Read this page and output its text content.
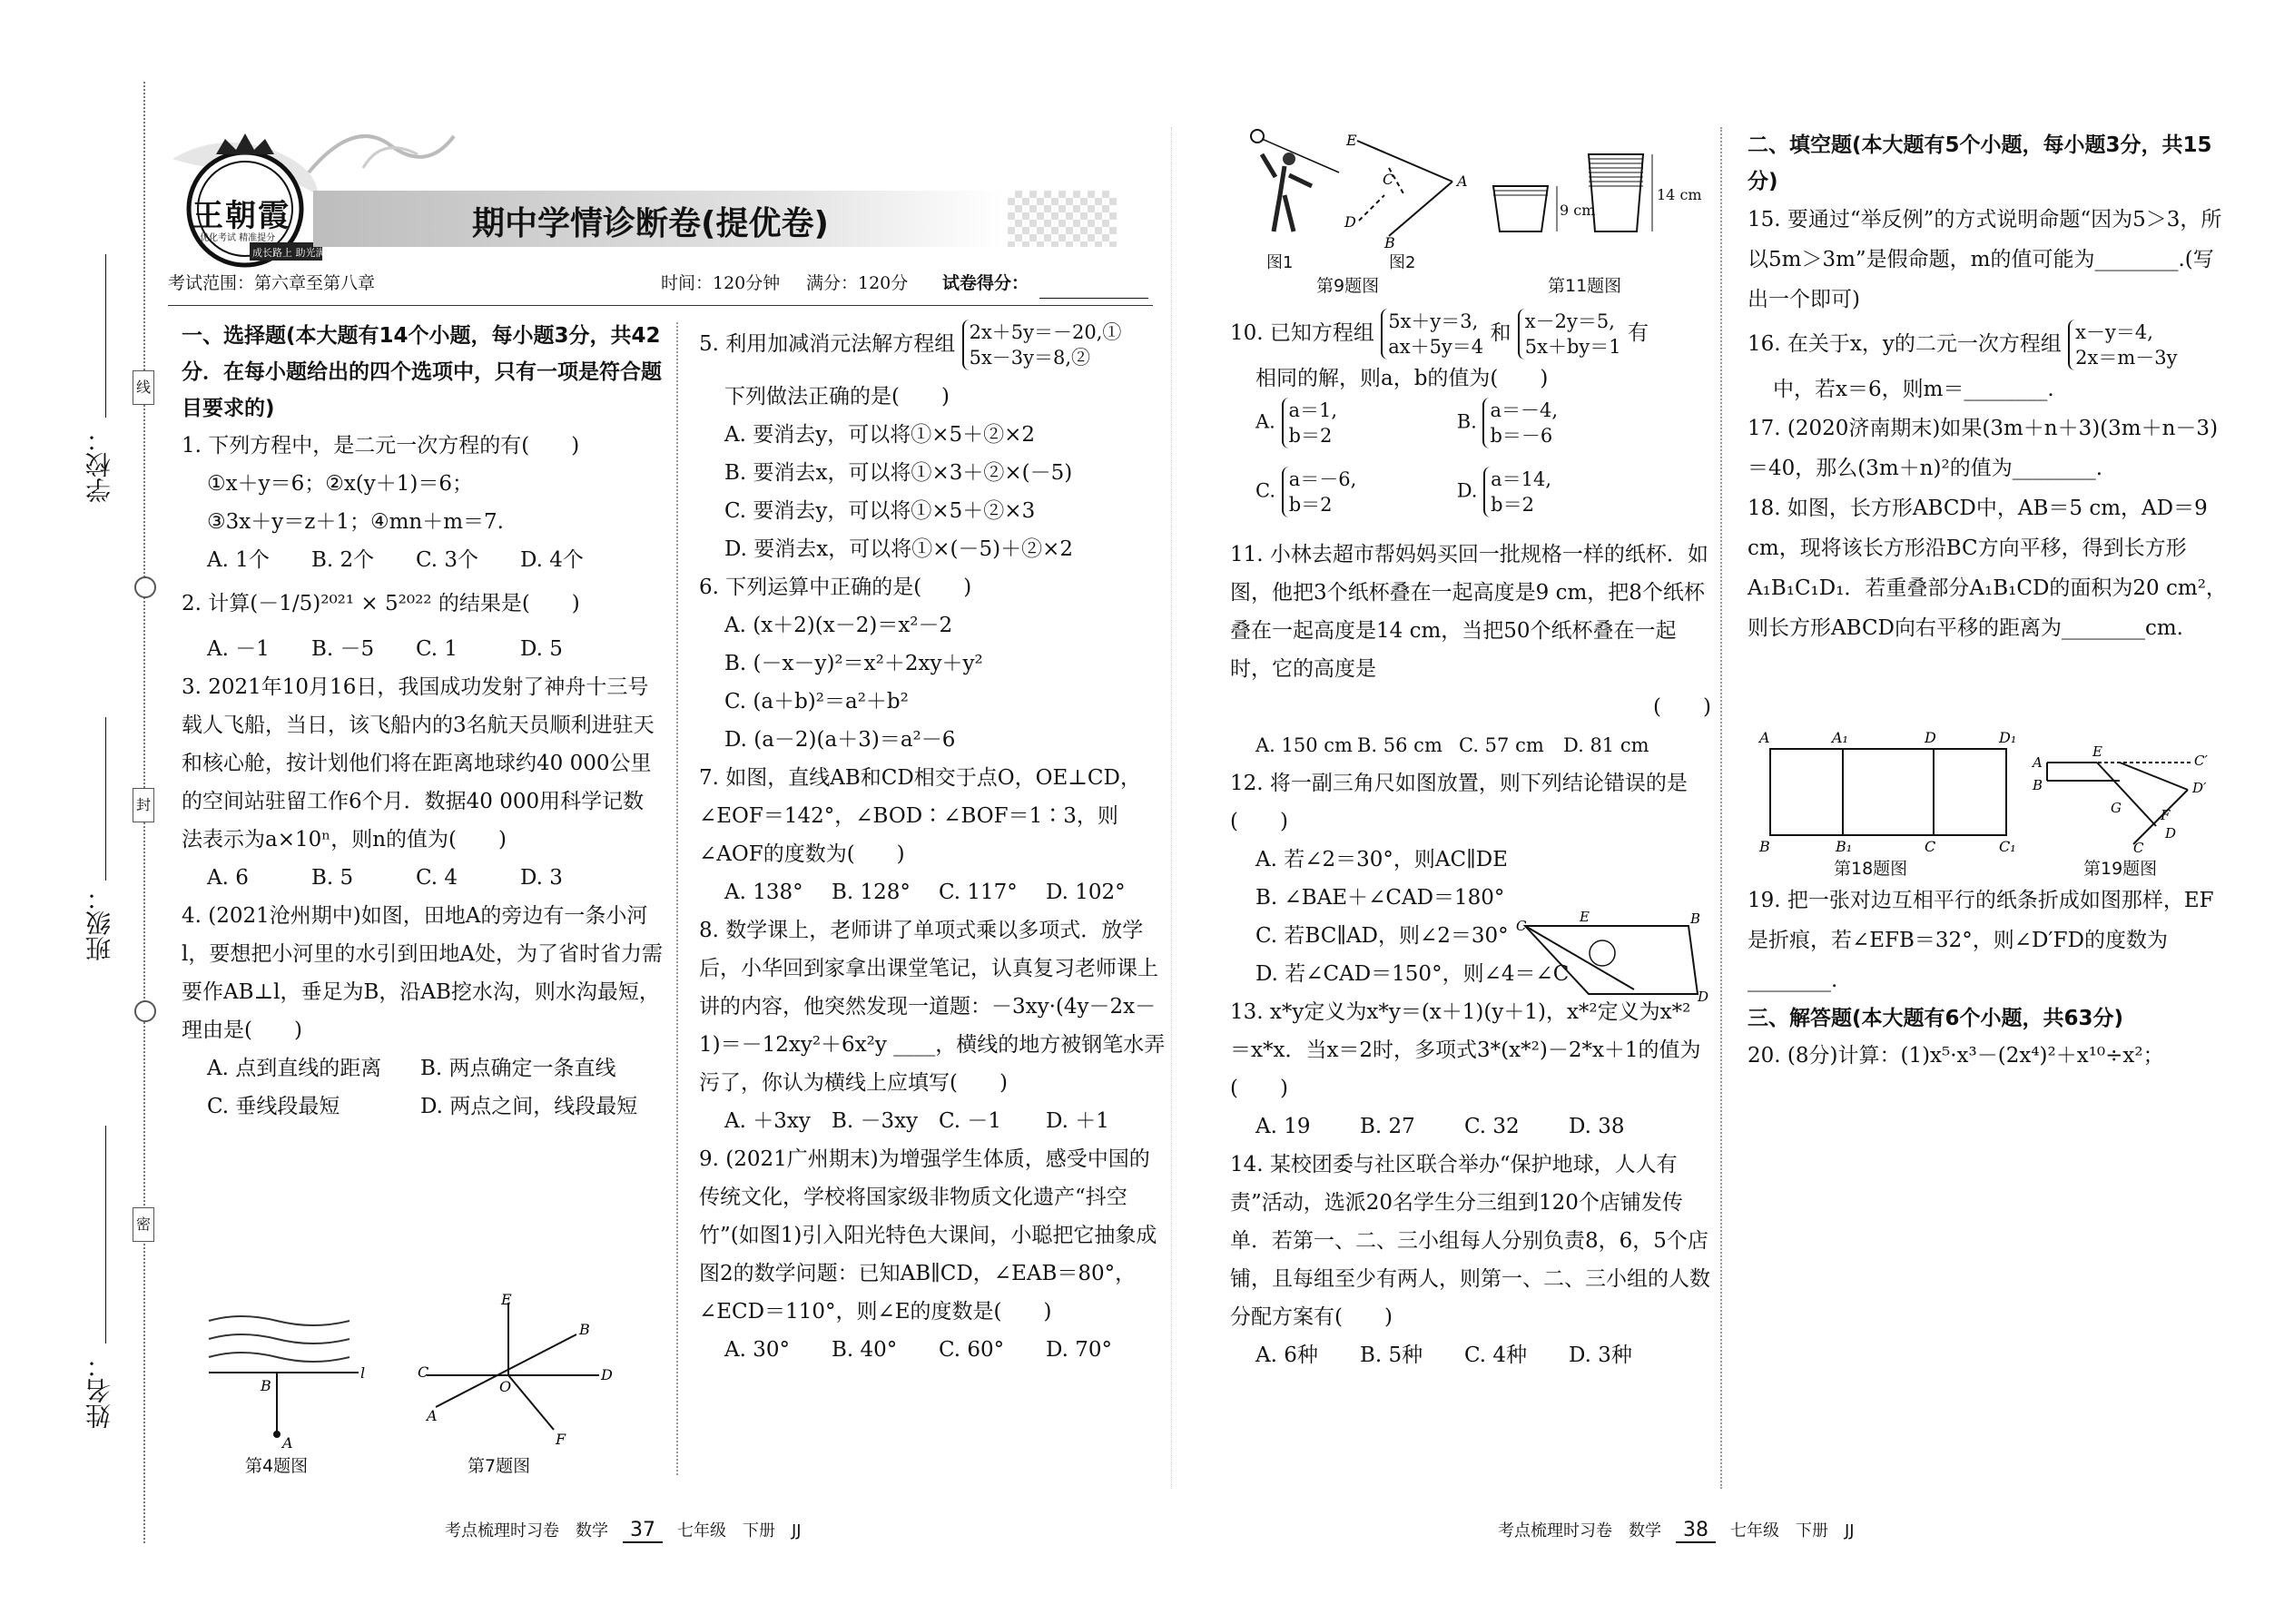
学校：
班级：
姓名：
线
封
密
王朝霞
优化考试 精准提分
成长路上 助光满天
期中学情诊断卷(提优卷)
考试范围：第六章至第八章	时间：120分钟 满分：120分 试卷得分：
一、选择题(本大题有14个小题，每小题3分，共42分．在每小题给出的四个选项中，只有一项是符合题目要求的)
1. 下列方程中，是二元一次方程的有(　　)
①x＋y＝6；②x(y＋1)＝6；
③3x＋y＝z＋1；④mn＋m＝7.
A. 1个 B. 2个 C. 3个 D. 4个
2. 计算(－1/5)²⁰²¹ × 5²⁰²² 的结果是(　　)
A. －1 B. －5 C. 1	D. 5
3. 2021年10月16日，我国成功发射了神舟十三号载人飞船，当日，该飞船内的3名航天员顺利进驻天和核心舱，按计划他们将在距离地球约40 000公里的空间站驻留工作6个月．数据40 000用科学记数法表示为a×10ⁿ，则n的值为(　　)
A. 6	B. 5	C. 4	D. 3
4. (2021沧州期中)如图，田地A的旁边有一条小河l，要想把小河里的水引到田地A处，为了省时省力需要作AB⊥l，垂足为B，沿AB挖水沟，则水沟最短，理由是(　　)
A. 点到直线的距离 B. 两点确定一条直线
C. 垂线段最短	D. 两点之间，线段最短
B
A
l
第4题图
E
B
C	D
O
A
F
第7题图
5. 利用加减消元法解方程组 2x＋5y＝－20,①
5x－3y＝8,②
下列做法正确的是(　　)
A. 要消去y，可以将①×5＋②×2
B. 要消去x，可以将①×3＋②×(－5)
C. 要消去y，可以将①×5＋②×3
D. 要消去x，可以将①×(－5)＋②×2
6. 下列运算中正确的是(　　)
A. (x＋2)(x－2)＝x²－2
B. (－x－y)²＝x²＋2xy＋y²
C. (a＋b)²＝a²＋b²
D. (a－2)(a＋3)＝a²－6
7. 如图，直线AB和CD相交于点O，OE⊥CD，∠EOF＝142°，∠BOD∶∠BOF＝1∶3，则∠AOF的度数为(　　)
A. 138° B. 128° C. 117° D. 102°
8. 数学课上，老师讲了单项式乘以多项式．放学后，小华回到家拿出课堂笔记，认真复习老师课上讲的内容，他突然发现一道题：－3xy·(4y－2x－1)＝－12xy²＋6x²y ____，横线的地方被钢笔水弄污了，你认为横线上应填写(　　)
A. ＋3xy B. －3xy C. －1 D. ＋1
9. (2021广州期末)为增强学生体质，感受中国的传统文化，学校将国家级非物质文化遗产“抖空竹”(如图1)引入阳光特色大课间，小聪把它抽象成图2的数学问题：已知AB∥CD，∠EAB＝80°，∠ECD＝110°，则∠E的度数是(　　)
A. 30° B. 40° C. 60° D. 70°
E
A
C
D
B
图1	图2
第9题图
9 cm
14 cm
第11题图
10. 已知方程组 5x＋y＝3,
ax＋5y＝4 和 x－2y＝5,
5x＋by＝1 有
相同的解，则a，b的值为(　　)
A. a＝1,
b＝2 B. a＝－4,
b＝－6
C. a＝－6,
b＝2 D. a＝14,
b＝2
11. 小林去超市帮妈妈买回一批规格一样的纸杯．如图，他把3个纸杯叠在一起高度是9 cm，把8个纸杯叠在一起高度是14 cm，当把50个纸杯叠在一起时，它的高度是
(　　)
A. 150 cm B. 56 cm C. 57 cm D. 81 cm
12. 将一副三角尺如图放置，则下列结论错误的是(　　)
A. 若∠2＝30°，则AC∥DE
B. ∠BAE＋∠CAD＝180°
C. 若BC∥AD，则∠2＝30°
D. 若∠CAD＝150°，则∠4＝∠C
13. x*y定义为x*y＝(x＋1)(y＋1)，x*²定义为x*²＝x*x．当x＝2时，多项式3*(x*²)－2*x＋1的值为(　　)
A. 19 B. 27 C. 32 D. 38
14. 某校团委与社区联合举办“保护地球，人人有责”活动，选派20名学生分三组到120个店铺发传单．若第一、二、三小组每人分别负责8，6，5个店铺，且每组至少有两人，则第一、二、三小组的人数分配方案有(　　)
A. 6种 B. 5种 C. 4种 D. 3种
C
E	B
D
二、填空题(本大题有5个小题，每小题3分，共15分)
15. 要通过“举反例”的方式说明命题“因为5＞3，所以5m＞3m”是假命题，m的值可能为________.(写出一个即可)
16. 在关于x，y的二元一次方程组 x－y＝4,
2x＝m－3y
中，若x＝6，则m＝________.
17. (2020济南期末)如果(3m＋n＋3)(3m＋n－3)＝40，那么(3m＋n)²的值为________.
18. 如图，长方形ABCD中，AB＝5 cm，AD＝9 cm，现将该长方形沿BC方向平移，得到长方形A₁B₁C₁D₁．若重叠部分A₁B₁CD的面积为20 cm²，则长方形ABCD向右平移的距离为________cm.
A	A₁	D	D₁
B	B₁	C	C₁
第18题图
A
B
E
C′
D′
G	F
D
C
第19题图
19. 把一张对边互相平行的纸条折成如图那样，EF是折痕，若∠EFB＝32°，则∠D′FD的度数为________.
三、解答题(本大题有6个小题，共63分)
20. (8分)计算：(1)x⁵·x³－(2x⁴)²＋x¹⁰÷x²；
考点梳理时习卷　数学 37 七年级　下册　JJ	考点梳理时习卷　数学 38 七年级　下册　JJ
